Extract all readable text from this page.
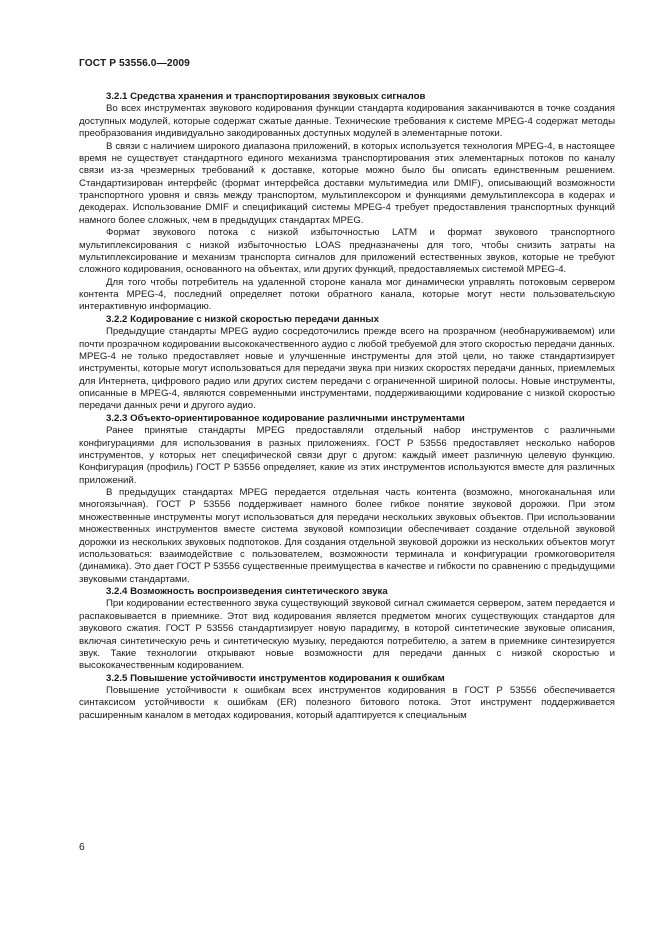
ГОСТ Р 53556.0—2009
3.2.1 Средства хранения и транспортирования звуковых сигналов

Во всех инструментах звукового кодирования функции стандарта кодирования заканчиваются в точке создания доступных модулей, которые содержат сжатые данные. Технические требования к системе MPEG-4 содержат методы преобразования индивидуально закодированных доступных модулей в элементарные потоки.

В связи с наличием широкого диапазона приложений, в которых используется технология MPEG-4, в настоящее время не существует стандартного единого механизма транспортирования этих элементарных потоков по каналу связи из-за чрезмерных требований к доставке, которые можно было бы описать единственным решением. Стандартизирован интерфейс (формат интерфейса доставки мультимедиа или DMIF), описывающий возможности транспортного уровня и связь между транспортом, мультиплексором и функциями демультиплексора в кодерах и декодерах. Использование DMIF и спецификаций системы MPEG-4 требует предоставления транспортных функций намного более сложных, чем в предыдущих стандартах MPEG.

Формат звукового потока с низкой избыточностью LATM и формат звукового транспортного мультиплексирования с низкой избыточностью LOAS предназначены для того, чтобы снизить затраты на мультиплексирование и механизм транспорта сигналов для приложений естественных звуков, которые не требуют сложного кодирования, основанного на объектах, или других функций, предоставляемых системой MPEG-4.

Для того чтобы потребитель на удаленной стороне канала мог динамически управлять потоковым сервером контента MPEG-4, последний определяет потоки обратного канала, которые могут нести пользовательскую интерактивную информацию.

3.2.2 Кодирование с низкой скоростью передачи данных

Предыдущие стандарты MPEG аудио сосредоточились прежде всего на прозрачном (необнаруживаемом) или почти прозрачном кодировании высококачественного аудио с любой требуемой для этого скоростью передачи данных. MPEG-4 не только предоставляет новые и улучшенные инструменты для этой цели, но также стандартизирует инструменты, которые могут использоваться для передачи звука при низких скоростях передачи данных, приемлемых для Интернета, цифрового радио или других систем передачи с ограниченной шириной полосы. Новые инструменты, описанные в MPEG-4, являются современными инструментами, поддерживающими кодирование с низкой скоростью передачи данных речи и другого аудио.

3.2.3 Объекто-ориентированное кодирование различными инструментами

Ранее принятые стандарты MPEG предоставляли отдельный набор инструментов с различными конфигурациями для использования в разных приложениях. ГОСТ Р 53556 предоставляет несколько наборов инструментов, у которых нет специфической связи друг с другом: каждый имеет различную целевую функцию. Конфигурация (профиль) ГОСТ Р 53556 определяет, какие из этих инструментов используются вместе для различных приложений.

В предыдущих стандартах MPEG передается отдельная часть контента (возможно, многоканальная или многоязычная). ГОСТ Р 53556 поддерживает намного более гибкое понятие звуковой дорожки. При этом множественные инструменты могут использоваться для передачи нескольких звуковых объектов. При использовании множественных инструментов вместе система звуковой композиции обеспечивает создание отдельной звуковой дорожки из нескольких звуковых подпотоков. Для создания отдельной звуковой дорожки из нескольких объектов могут использоваться: взаимодействие с пользователем, возможности терминала и конфигурации громкоговорителя (динамика). Это дает ГОСТ Р 53556 существенные преимущества в качестве и гибкости по сравнению с предыдущими звуковыми стандартами.

3.2.4 Возможность воспроизведения синтетического звука

При кодировании естественного звука существующий звуковой сигнал сжимается сервером, затем передается и распаковывается в приемнике. Этот вид кодирования является предметом многих существующих стандартов для звукового сжатия. ГОСТ Р 53556 стандартизирует новую парадигму, в которой синтетические звуковые описания, включая синтетическую речь и синтетическую музыку, передаются потребителю, а затем в приемнике синтезируется звук. Такие технологии открывают новые возможности для передачи данных с низкой скоростью и высококачественным кодированием.

3.2.5 Повышение устойчивости инструментов кодирования к ошибкам

Повышение устойчивости к ошибкам всех инструментов кодирования в ГОСТ Р 53556 обеспечивается синтаксисом устойчивости к ошибкам (ER) полезного битового потока. Этот инструмент поддерживается расширенным каналом в методах кодирования, который адаптируется к специальным

6
